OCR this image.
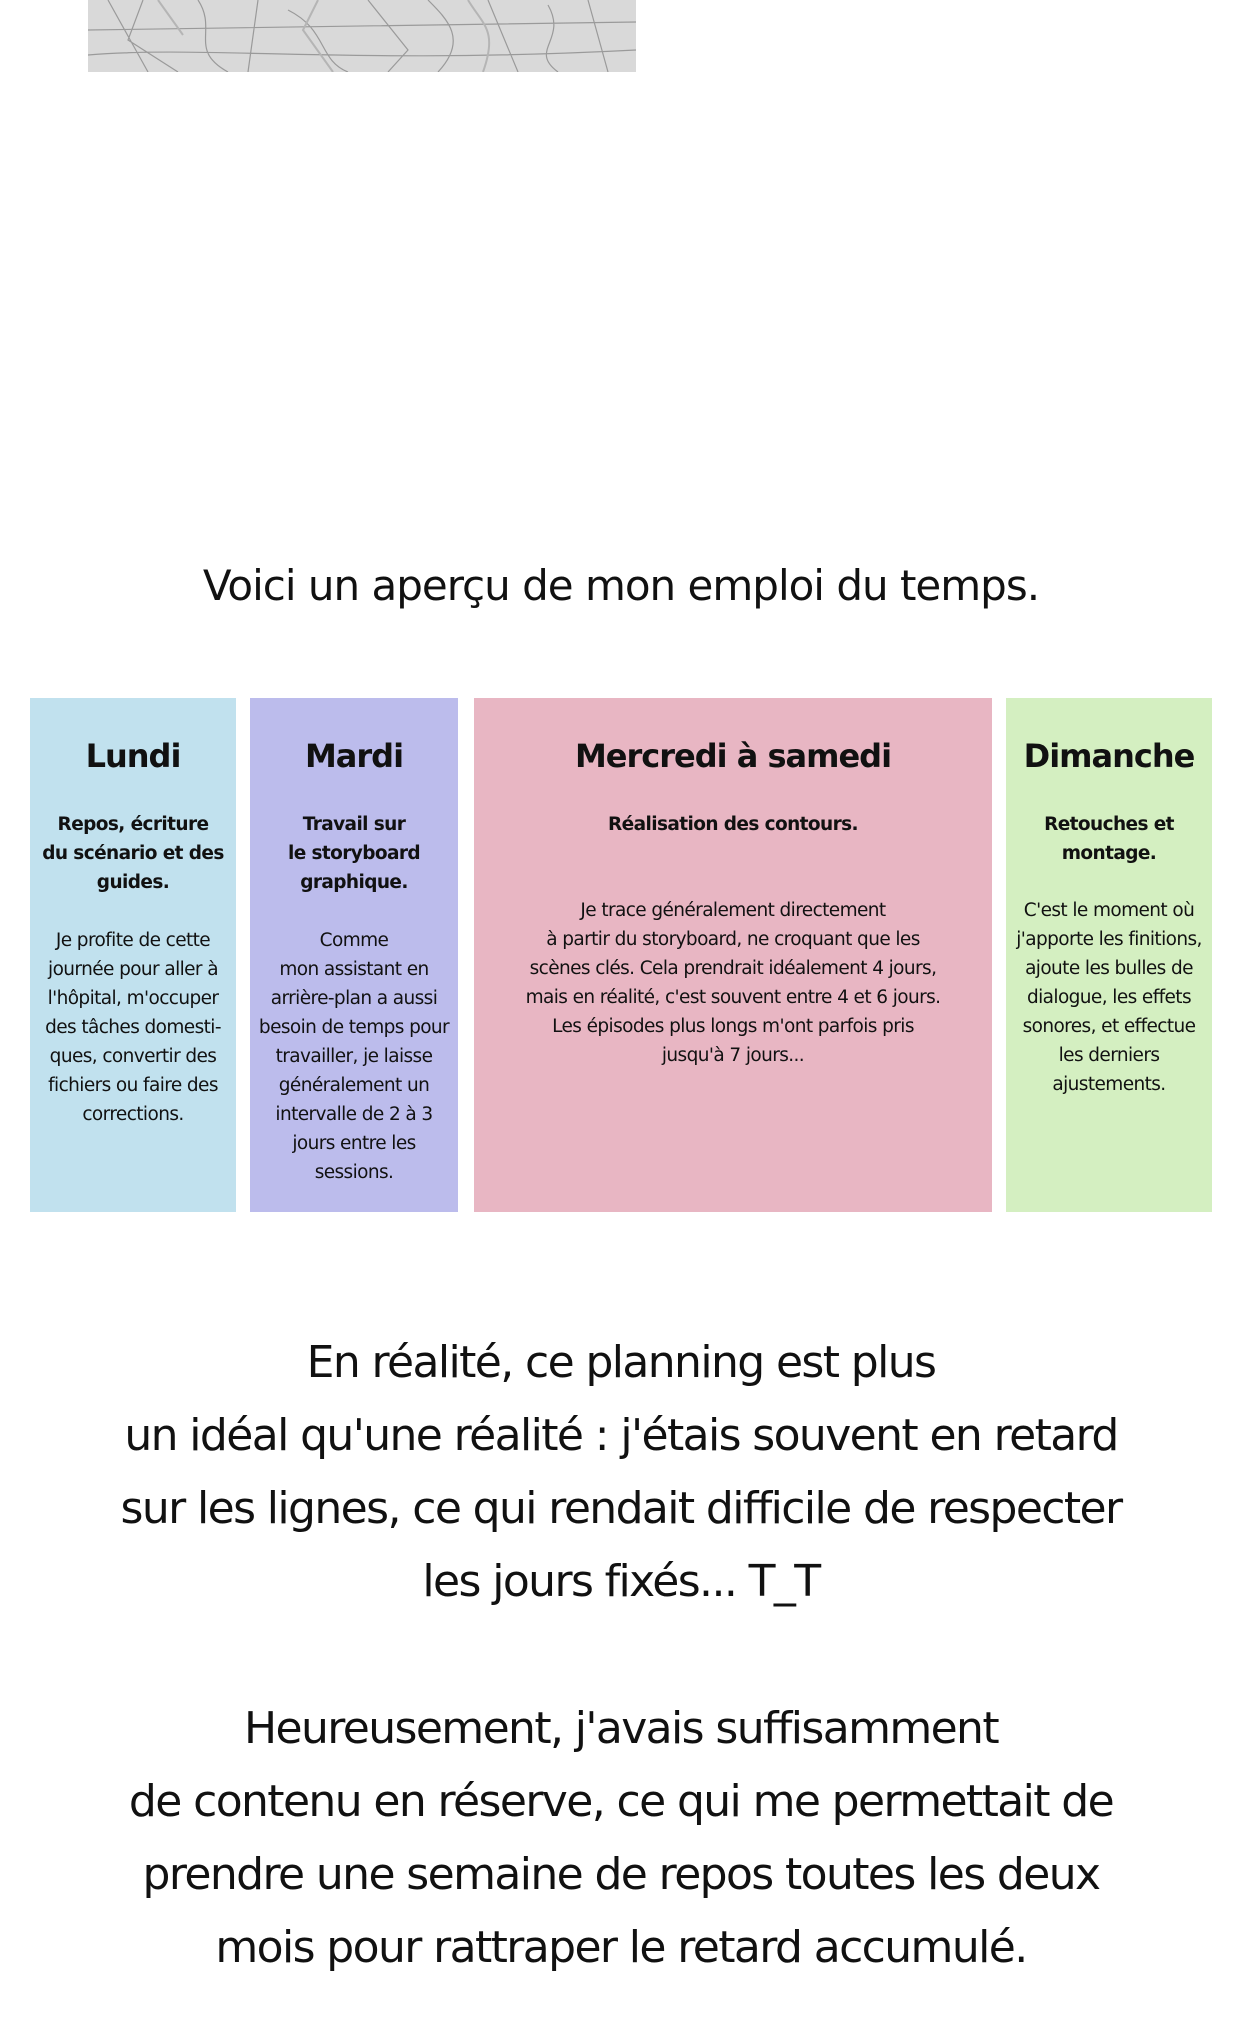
Voici un aperçu de mon emploi du temps.
Lundi

Repos, écriture
du scénario et des
guides.

Je profite de cette
journée pour aller à
l'hôpital, m'occuper
des tâches domesti-
ques, convertir des
fichiers ou faire des
corrections.

Mardi

Travail sur
le storyboard
graphique.

Comme
mon assistant en
arrière-plan a aussi
besoin de temps pour
travailler, je laisse
généralement un
intervalle de 2 à 3
jours entre les
sessions.

Mercredi à samedi

Réalisation des contours.

Je trace généralement directement
à partir du storyboard, ne croquant que les
scènes clés. Cela prendrait idéalement 4 jours,
mais en réalité, c'est souvent entre 4 et 6 jours.
Les épisodes plus longs m'ont parfois pris
jusqu'à 7 jours...

Dimanche

Retouches et
montage.

C'est le moment où
j'apporte les finitions,
ajoute les bulles de
dialogue, les effets
sonores, et effectue
les derniers
ajustements.

En réalité, ce planning est plus
un idéal qu'une réalité : j'étais souvent en retard
sur les lignes, ce qui rendait difficile de respecter
les jours fixés... T_T

Heureusement, j'avais suffisamment
de contenu en réserve, ce qui me permettait de
prendre une semaine de repos toutes les deux
mois pour rattraper le retard accumulé.
